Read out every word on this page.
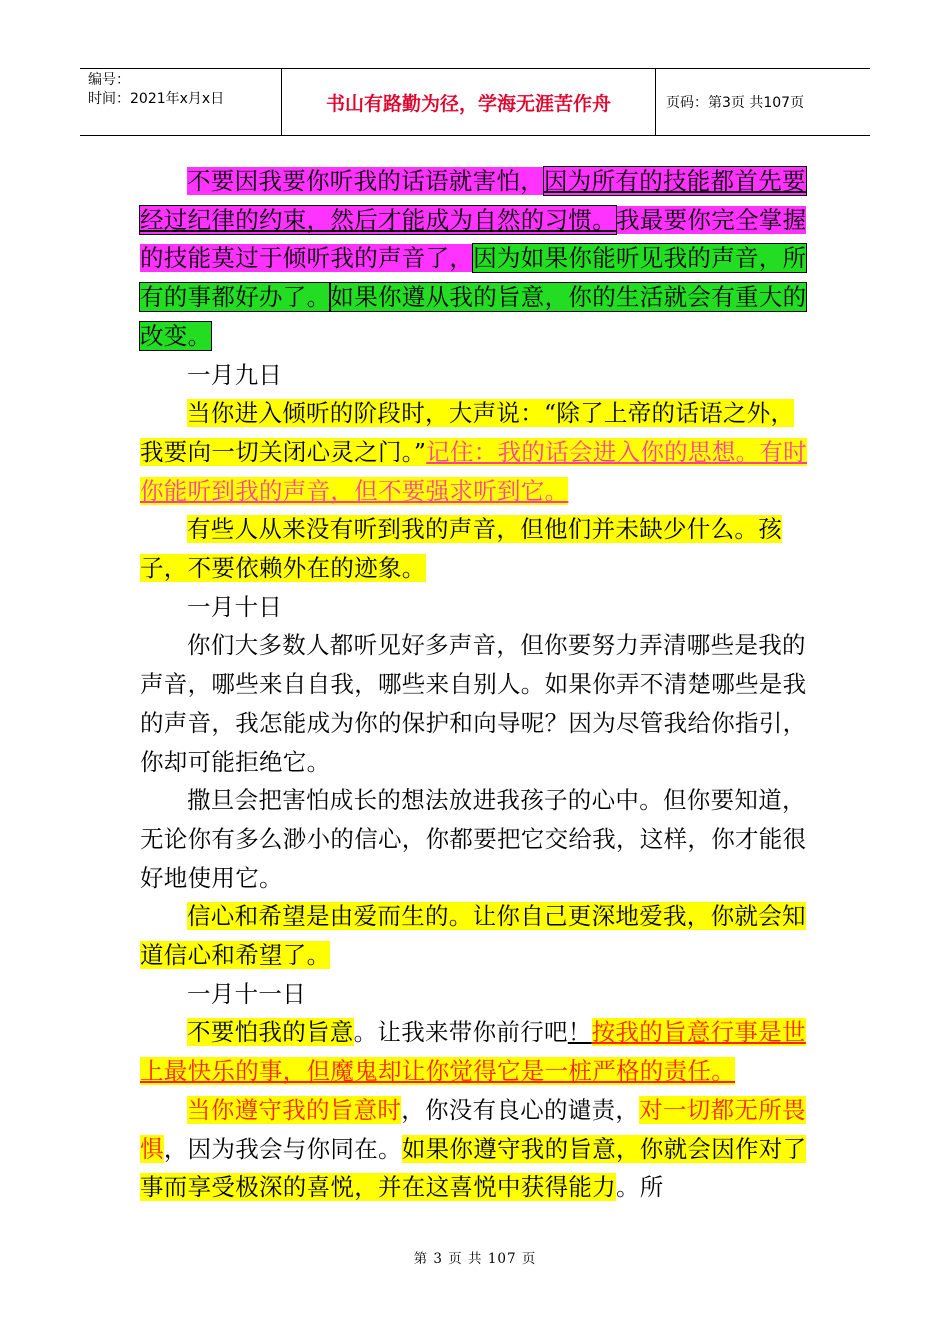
编号：
时间：2021年x月x日	书山有路勤为径，学海无涯苦作舟	页码：第3页 共107页

不要因我要你听我的话语就害怕，因为所有的技能都首先要经过纪律的约束，然后才能成为自然的习惯。我最要你完全掌握的技能莫过于倾听我的声音了，因为如果你能听见我的声音，所有的事都好办了。如果你遵从我的旨意，你的生活就会有重大的改变。

一月九日

当你进入倾听的阶段时，大声说：“除了上帝的话语之外，我要向一切关闭心灵之门。”记住：我的话会进入你的思想。有时你能听到我的声音，但不要强求听到它。

有些人从来没有听到我的声音，但他们并未缺少什么。孩子，不要依赖外在的迹象。

一月十日

你们大多数人都听见好多声音，但你要努力弄清哪些是我的声音，哪些来自自我，哪些来自别人。如果你弄不清楚哪些是我的声音，我怎能成为你的保护和向导呢？因为尽管我给你指引，你却可能拒绝它。

撒旦会把害怕成长的想法放进我孩子的心中。但你要知道，无论你有多么渺小的信心，你都要把它交给我，这样，你才能很好地使用它。

信心和希望是由爱而生的。让你自己更深地爱我，你就会知道信心和希望了。

一月十一日

不要怕我的旨意。让我来带你前行吧！按我的旨意行事是世上最快乐的事，但魔鬼却让你觉得它是一桩严格的责任。

当你遵守我的旨意时，你没有良心的谴责，对一切都无所畏惧，因为我会与你同在。如果你遵守我的旨意，你就会因作对了事而享受极深的喜悦，并在这喜悦中获得能力。所

第 3 页 共 107 页
